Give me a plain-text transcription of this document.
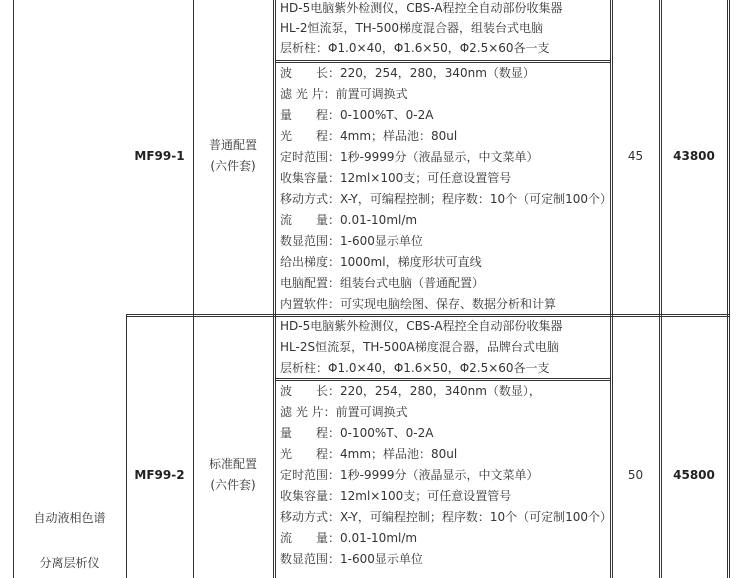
HD-5电脑紫外检测仪，CBS-A程控全自动部份收集器
HL-2恒流泵，TH-500梯度混合器，组装台式电脑
层析柱：Φ1.0×40，Φ1.6×50，Φ2.5×60各一支
波　　长：220，254，280，340nm（数显）
滤 光 片：前置可调换式
量　　程：0-100%T、0-2A
光　　程：4mm；样品池：80ul
定时范围：1秒-9999分（液晶显示，中文菜单）
收集容量：12ml×100支；可任意设置管号
移动方式：X-Y，可编程控制；程序数：10个（可定制100个）
流　　量：0.01-10ml/m
数显范围：1-600显示单位
给出梯度：1000ml，梯度形状可直线
电脑配置：组装台式电脑（普通配置）
内置软件：可实现电脑绘图、保存、数据分析和计算
MF99-1
普通配置
(六件套)
45	43800
HD-5电脑紫外检测仪，CBS-A程控全自动部份收集器
HL-2S恒流泵，TH-500A梯度混合器，品牌台式电脑
层析柱：Φ1.0×40，Φ1.6×50，Φ2.5×60各一支
波　　长：220，254，280，340nm（数显），
滤 光 片：前置可调换式
量　　程：0-100%T、0-2A
光　　程：4mm；样品池：80ul
定时范围：1秒-9999分（液晶显示，中文菜单）
收集容量：12ml×100支；可任意设置管号
移动方式：X-Y，可编程控制；程序数：10个（可定制100个）
流　　量：0.01-10ml/m
数显范围：1-600显示单位
MF99-2
标准配置
(六件套)
50	45800
自动液相色谱
分离层析仪
